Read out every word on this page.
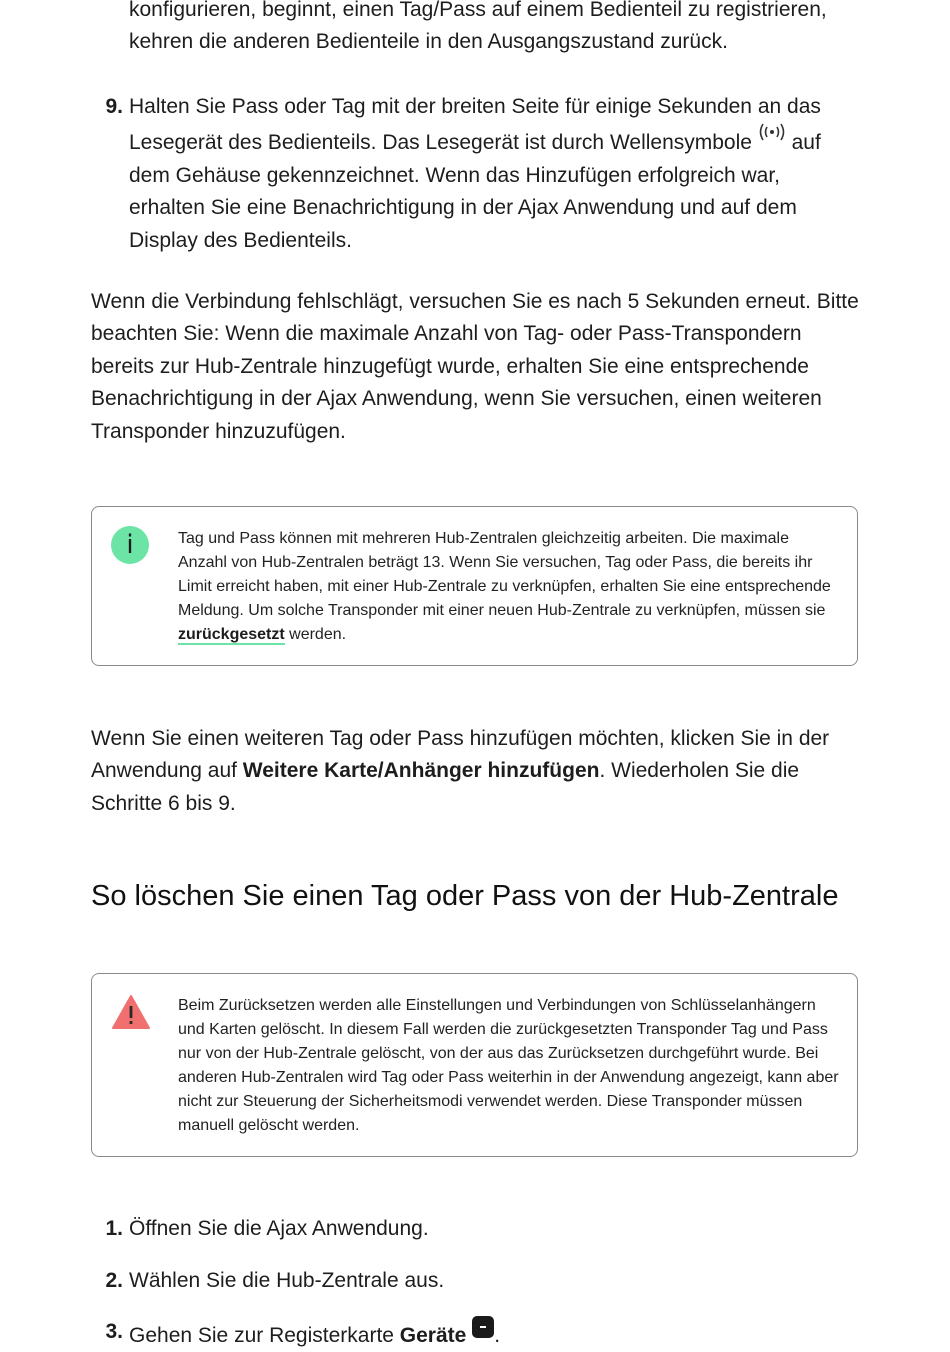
konfigurieren, beginnt, einen Tag/Pass auf einem Bedienteil zu registrieren,
kehren die anderen Bedienteile in den Ausgangszustand zurück.

9. Halten Sie Pass oder Tag mit der breiten Seite für einige Sekunden an das Lesegerät des Bedienteils. Das Lesegerät ist durch Wellensymbole  auf dem Gehäuse gekennzeichnet. Wenn das Hinzufügen erfolgreich war, erhalten Sie eine Benachrichtigung in der Ajax Anwendung und auf dem Display des Bedienteils.

Wenn die Verbindung fehlschlägt, versuchen Sie es nach 5 Sekunden erneut. Bitte beachten Sie: Wenn die maximale Anzahl von Tag- oder Pass-Transpondern bereits zur Hub-Zentrale hinzugefügt wurde, erhalten Sie eine entsprechende Benachrichtigung in der Ajax Anwendung, wenn Sie versuchen, einen weiteren Transponder hinzuzufügen.

i	Tag und Pass können mit mehreren Hub-Zentralen gleichzeitig arbeiten. Die maximale Anzahl von Hub-Zentralen beträgt 13. Wenn Sie versuchen, Tag oder Pass, die bereits ihr Limit erreicht haben, mit einer Hub-Zentrale zu verknüpfen, erhalten Sie eine entsprechende Meldung. Um solche Transponder mit einer neuen Hub-Zentrale zu verknüpfen, müssen sie zurückgesetzt werden.

Wenn Sie einen weiteren Tag oder Pass hinzufügen möchten, klicken Sie in der Anwendung auf Weitere Karte/Anhänger hinzufügen. Wiederholen Sie die Schritte 6 bis 9.

So löschen Sie einen Tag oder Pass von der Hub-Zentrale
Beim Zurücksetzen werden alle Einstellungen und Verbindungen von Schlüsselanhängern und Karten gelöscht. In diesem Fall werden die zurückgesetzten Transponder Tag und Pass nur von der Hub-Zentrale gelöscht, von der aus das Zurücksetzen durchgeführt wurde. Bei anderen Hub-Zentralen wird Tag oder Pass weiterhin in der Anwendung angezeigt, kann aber nicht zur Steuerung der Sicherheitsmodi verwendet werden. Diese Transponder müssen manuell gelöscht werden.
1. Öffnen Sie die Ajax Anwendung.
2. Wählen Sie die Hub-Zentrale aus.
3. Gehen Sie zur Registerkarte Geräte .
